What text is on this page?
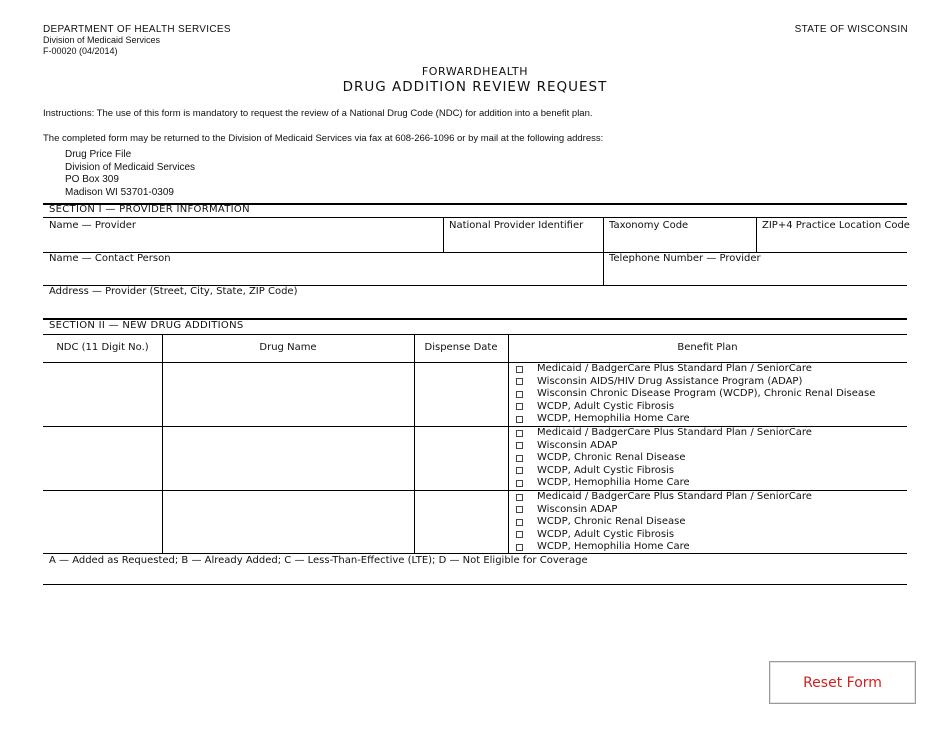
DEPARTMENT OF HEALTH SERVICES
Division of Medicaid Services
F-00020 (04/2014)
STATE OF WISCONSIN
FORWARDHEALTH
DRUG ADDITION REVIEW REQUEST
Instructions: The use of this form is mandatory to request the review of a National Drug Code (NDC) for addition into a benefit plan.
The completed form may be returned to the Division of Medicaid Services via fax at 608-266-1096 or by mail at the following address:
Drug Price File
Division of Medicaid Services
PO Box 309
Madison WI 53701-0309
SECTION I — PROVIDER INFORMATION
Name — Provider	National Provider Identifier	Taxonomy Code	ZIP+4 Practice Location Code
Name — Contact Person	Telephone Number — Provider
Address — Provider (Street, City, State, ZIP Code)
SECTION II — NEW DRUG ADDITIONS
NDC (11 Digit No.)	Drug Name	Dispense Date	Benefit Plan
Medicaid / BadgerCare Plus Standard Plan / SeniorCare
Wisconsin AIDS/HIV Drug Assistance Program (ADAP)
Wisconsin Chronic Disease Program (WCDP), Chronic Renal Disease
WCDP, Adult Cystic Fibrosis
WCDP, Hemophilia Home Care
Medicaid / BadgerCare Plus Standard Plan / SeniorCare
Wisconsin ADAP
WCDP, Chronic Renal Disease
WCDP, Adult Cystic Fibrosis
WCDP, Hemophilia Home Care
Medicaid / BadgerCare Plus Standard Plan / SeniorCare
Wisconsin ADAP
WCDP, Chronic Renal Disease
WCDP, Adult Cystic Fibrosis
WCDP, Hemophilia Home Care
A — Added as Requested; B — Already Added; C — Less-Than-Effective (LTE); D — Not Eligible for Coverage
Reset Form
